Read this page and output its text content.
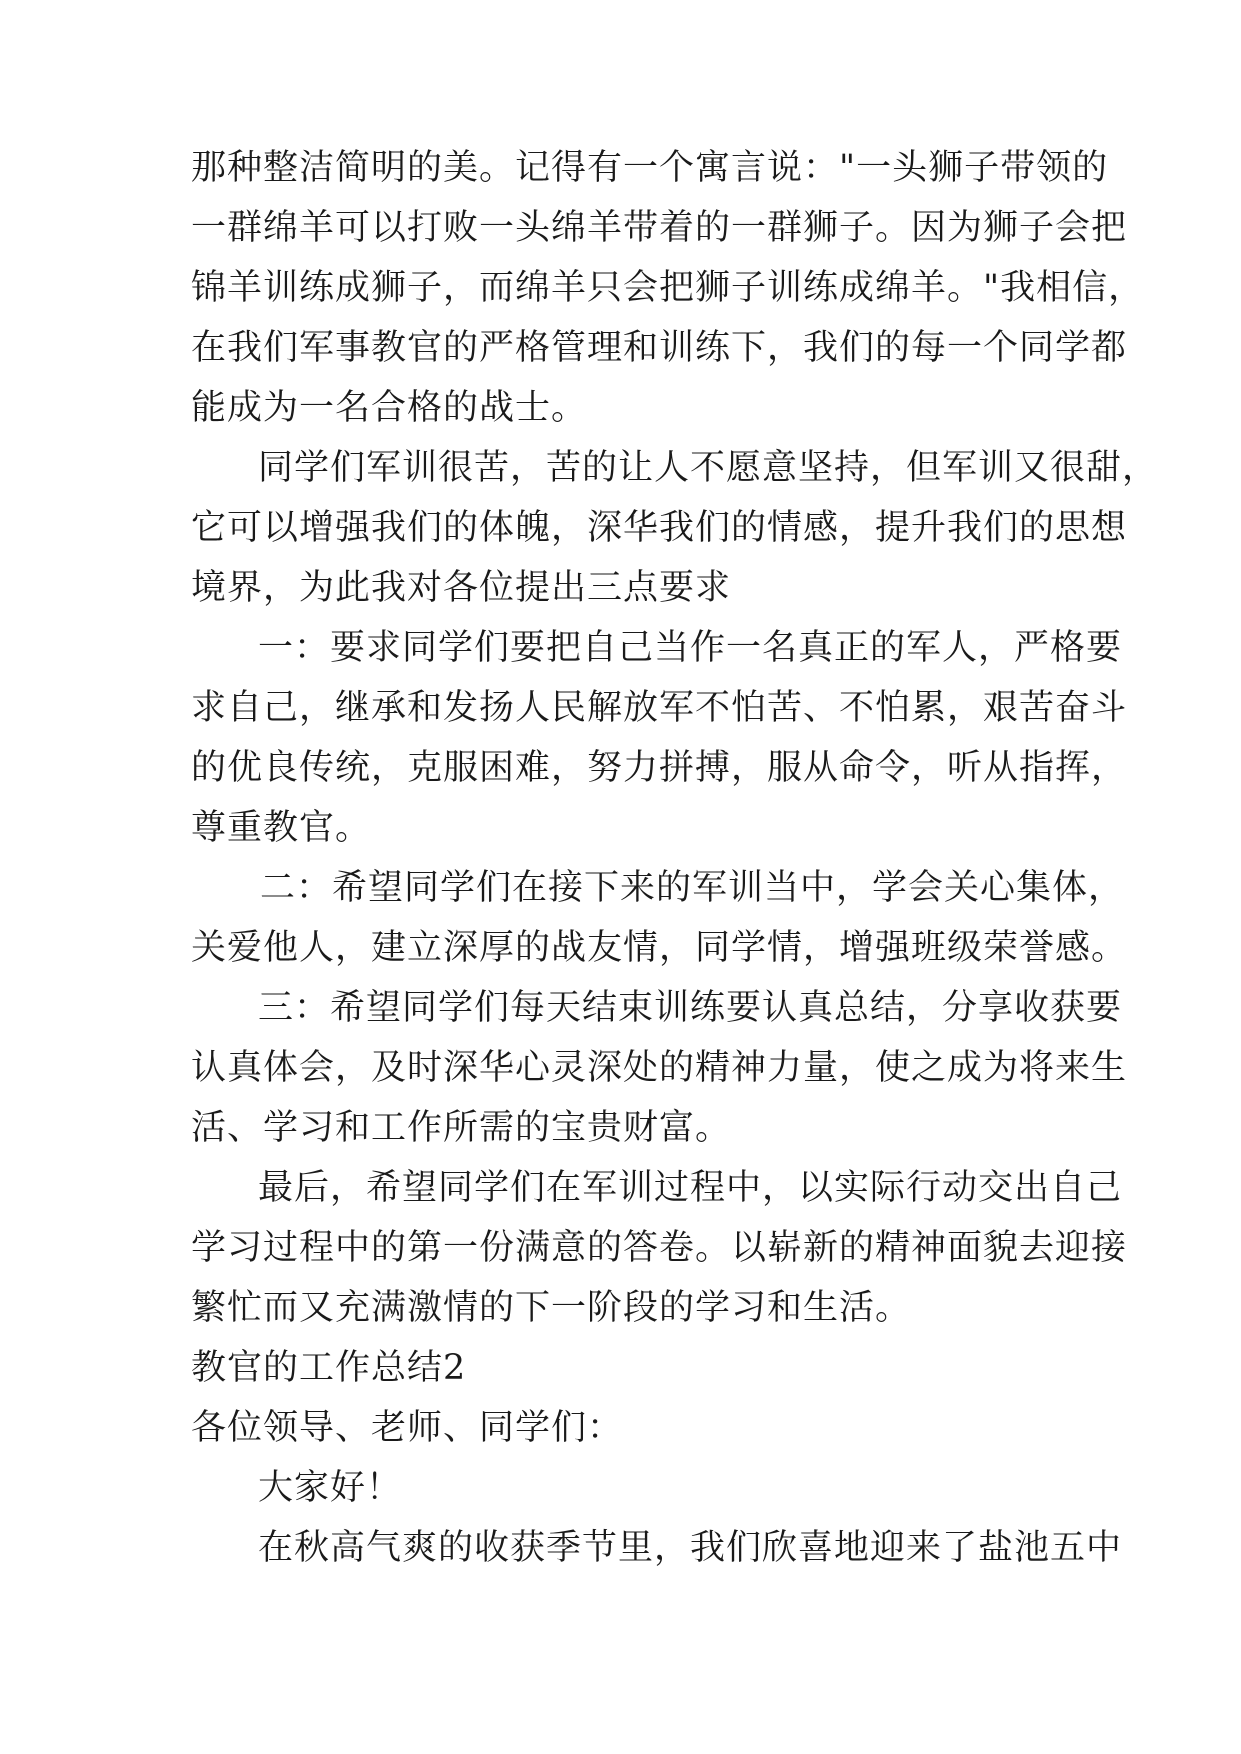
那种整洁简明的美。记得有一个寓言说："一头狮子带领的
一群绵羊可以打败一头绵羊带着的一群狮子。因为狮子会把
锦羊训练成狮子，而绵羊只会把狮子训练成绵羊。"我相信，
在我们军事教官的严格管理和训练下，我们的每一个同学都
能成为一名合格的战士。
同学们军训很苦，苦的让人不愿意坚持，但军训又很甜，
它可以增强我们的体魄，深华我们的情感，提升我们的思想
境界，为此我对各位提出三点要求
一：要求同学们要把自己当作一名真正的军人，严格要
求自己，继承和发扬人民解放军不怕苦、不怕累，艰苦奋斗
的优良传统，克服困难，努力拼搏，服从命令，听从指挥，
尊重教官。
二：希望同学们在接下来的军训当中，学会关心集体，
关爱他人，建立深厚的战友情，同学情，增强班级荣誉感。
三：希望同学们每天结束训练要认真总结，分享收获要
认真体会，及时深华心灵深处的精神力量，使之成为将来生
活、学习和工作所需的宝贵财富。
最后，希望同学们在军训过程中，以实际行动交出自己
学习过程中的第一份满意的答卷。以崭新的精神面貌去迎接
繁忙而又充满激情的下一阶段的学习和生活。
教官的工作总结2
各位领导、老师、同学们：
大家好！
在秋高气爽的收获季节里，我们欣喜地迎来了盐池五中
